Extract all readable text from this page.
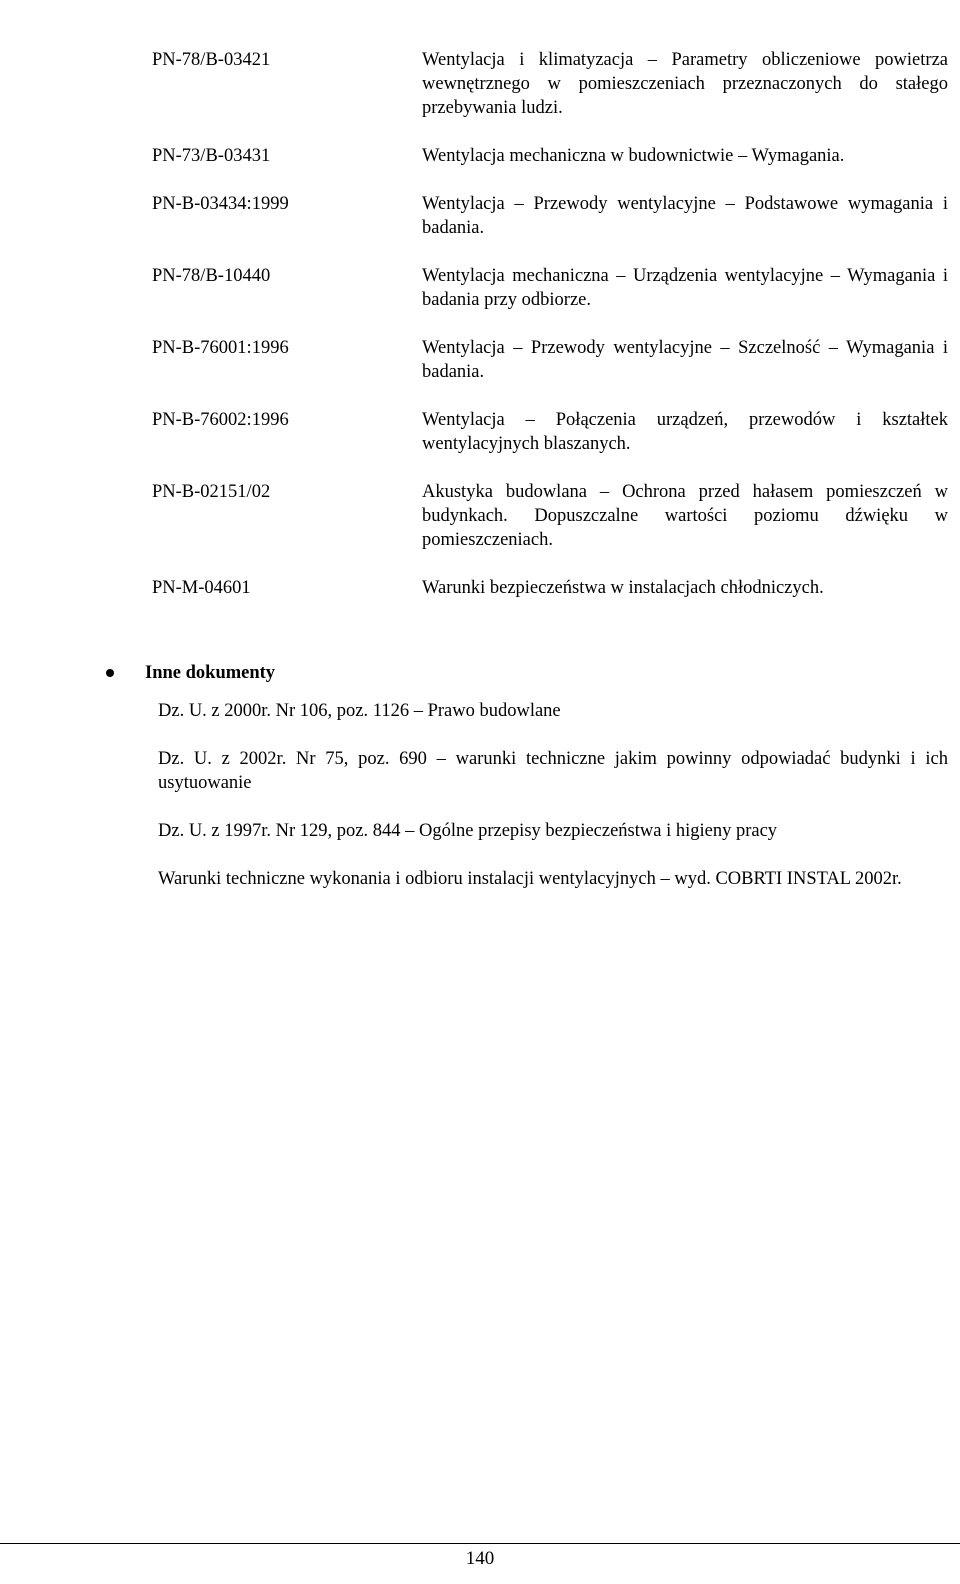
PN-78/B-03421	Wentylacja i klimatyzacja – Parametry obliczeniowe powietrza wewnętrznego w pomieszczeniach przeznaczonych do stałego przebywania ludzi.
PN-73/B-03431	Wentylacja mechaniczna w budownictwie – Wymagania.
PN-B-03434:1999	Wentylacja – Przewody wentylacyjne – Podstawowe wymagania i badania.
PN-78/B-10440	Wentylacja mechaniczna – Urządzenia wentylacyjne – Wymagania i badania przy odbiorze.
PN-B-76001:1996	Wentylacja – Przewody wentylacyjne – Szczelność – Wymagania i badania.
PN-B-76002:1996	Wentylacja – Połączenia urządzeń, przewodów i kształtek wentylacyjnych blaszanych.
PN-B-02151/02	Akustyka budowlana – Ochrona przed hałasem pomieszczeń w budynkach. Dopuszczalne wartości poziomu dźwięku w pomieszczeniach.
PN-M-04601	Warunki bezpieczeństwa w instalacjach chłodniczych.
Inne dokumenty
Dz. U. z 2000r. Nr 106, poz. 1126 – Prawo budowlane
Dz. U. z 2002r. Nr 75, poz. 690 – warunki techniczne jakim powinny odpowiadać budynki i ich usytuowanie
Dz. U. z 1997r. Nr 129, poz. 844 – Ogólne przepisy bezpieczeństwa i higieny pracy
Warunki techniczne wykonania i odbioru instalacji wentylacyjnych – wyd. COBRTI INSTAL 2002r.
140
